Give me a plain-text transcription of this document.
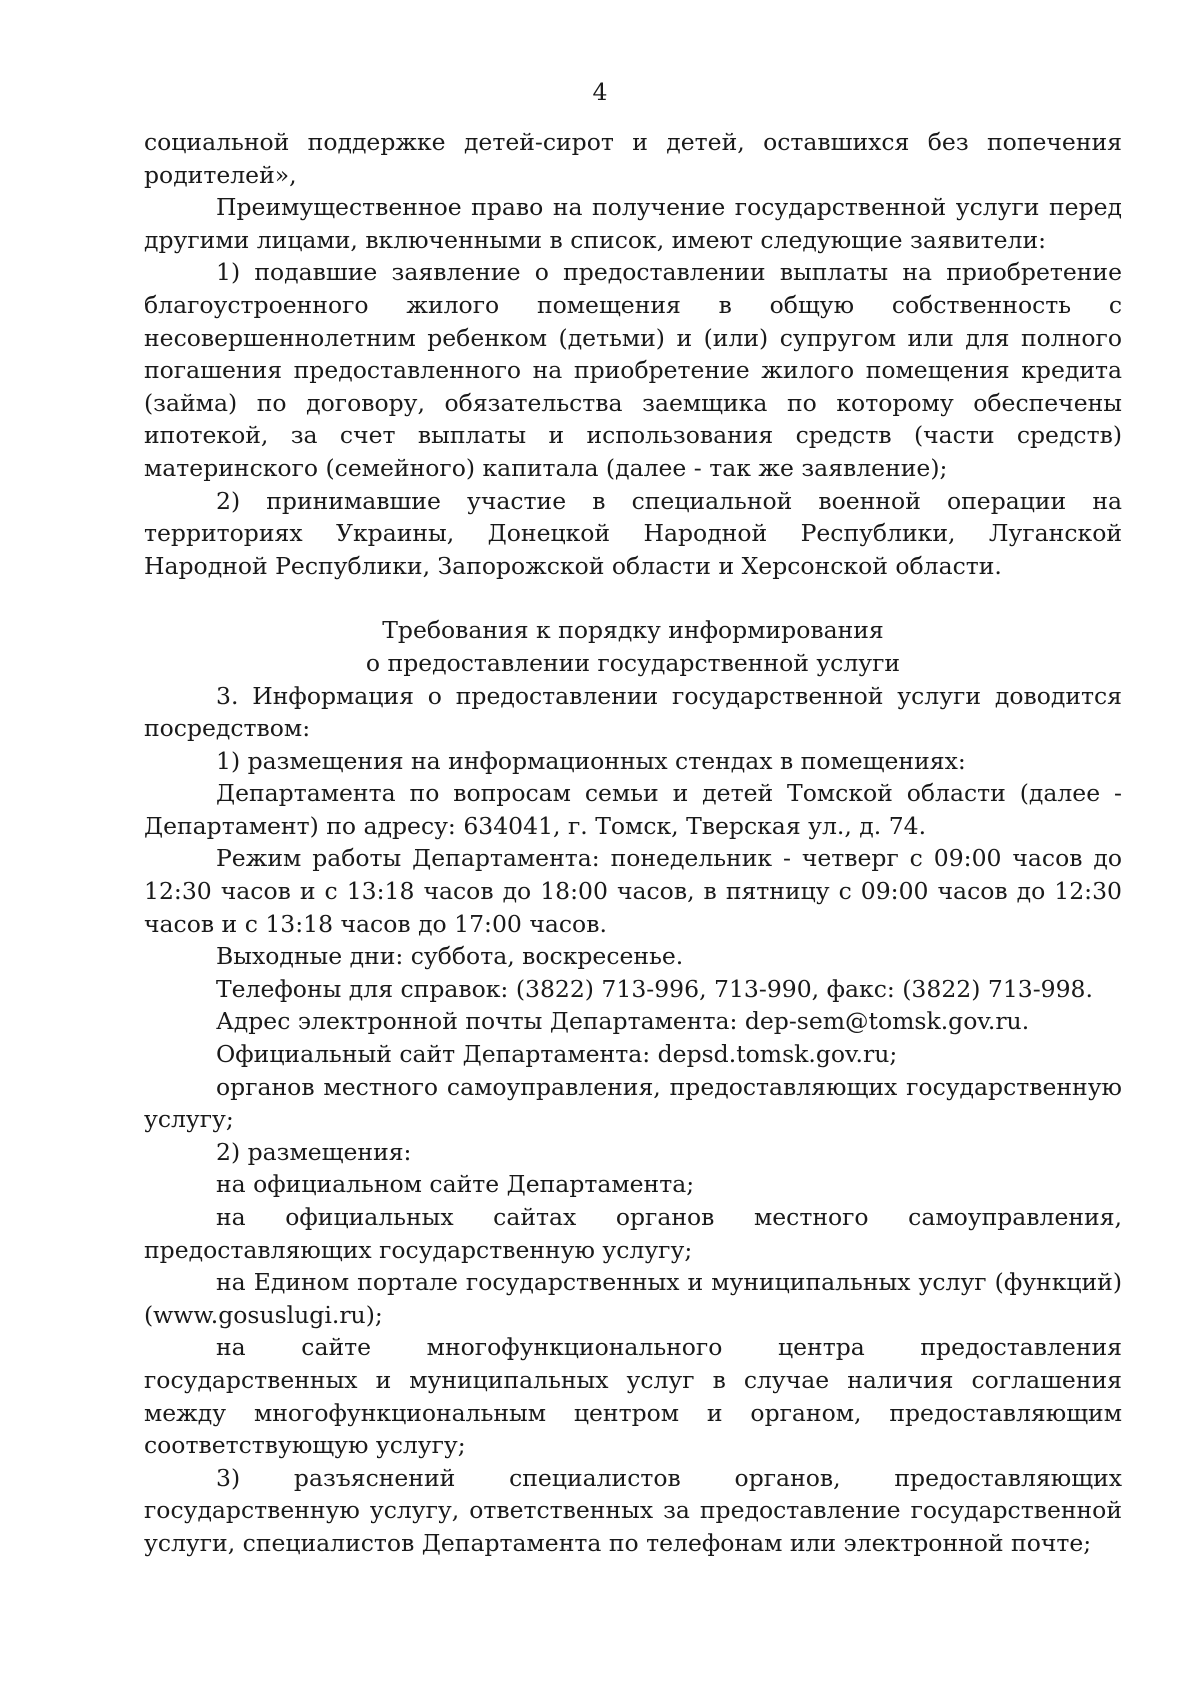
4

социальной поддержке детей-сирот и детей, оставшихся без попечения родителей»,

Преимущественное право на получение государственной услуги перед другими лицами, включенными в список, имеют следующие заявители:

1) подавшие заявление о предоставлении выплаты на приобретение благоустроенного жилого помещения в общую собственность с несовершеннолетним ребенком (детьми) и (или) супругом или для полного погашения предоставленного на приобретение жилого помещения кредита (займа) по договору, обязательства заемщика по которому обеспечены ипотекой, за счет выплаты и использования средств (части средств) материнского (семейного) капитала (далее - так же заявление);

2) принимавшие участие в специальной военной операции на территориях Украины, Донецкой Народной Республики, Луганской Народной Республики, Запорожской области и Херсонской области.

Требования к порядку информирования

о предоставлении государственной услуги

3. Информация о предоставлении государственной услуги доводится посредством:

1) размещения на информационных стендах в помещениях:

Департамента по вопросам семьи и детей Томской области (далее - Департамент) по адресу: 634041, г. Томск, Тверская ул., д. 74.

Режим работы Департамента: понедельник - четверг с 09:00 часов до 12:30 часов и с 13:18 часов до 18:00 часов, в пятницу с 09:00 часов до 12:30 часов и с 13:18 часов до 17:00 часов.

Выходные дни: суббота, воскресенье.

Телефоны для справок: (3822) 713-996, 713-990, факс: (3822) 713-998.

Адрес электронной почты Департамента: dep-sem@tomsk.gov.ru.

Официальный сайт Департамента: depsd.tomsk.gov.ru;

органов местного самоуправления, предоставляющих государственную услугу;

2) размещения:

на официальном сайте Департамента;

на официальных сайтах органов местного самоуправления, предоставляющих государственную услугу;

на Едином портале государственных и муниципальных услуг (функций) (www.gosuslugi.ru);

на сайте многофункционального центра предоставления государственных и муниципальных услуг в случае наличия соглашения между многофункциональным центром и органом, предоставляющим соответствующую услугу;

3) разъяснений специалистов органов, предоставляющих государственную услугу, ответственных за предоставление государственной услуги, специалистов Департамента по телефонам или электронной почте;
